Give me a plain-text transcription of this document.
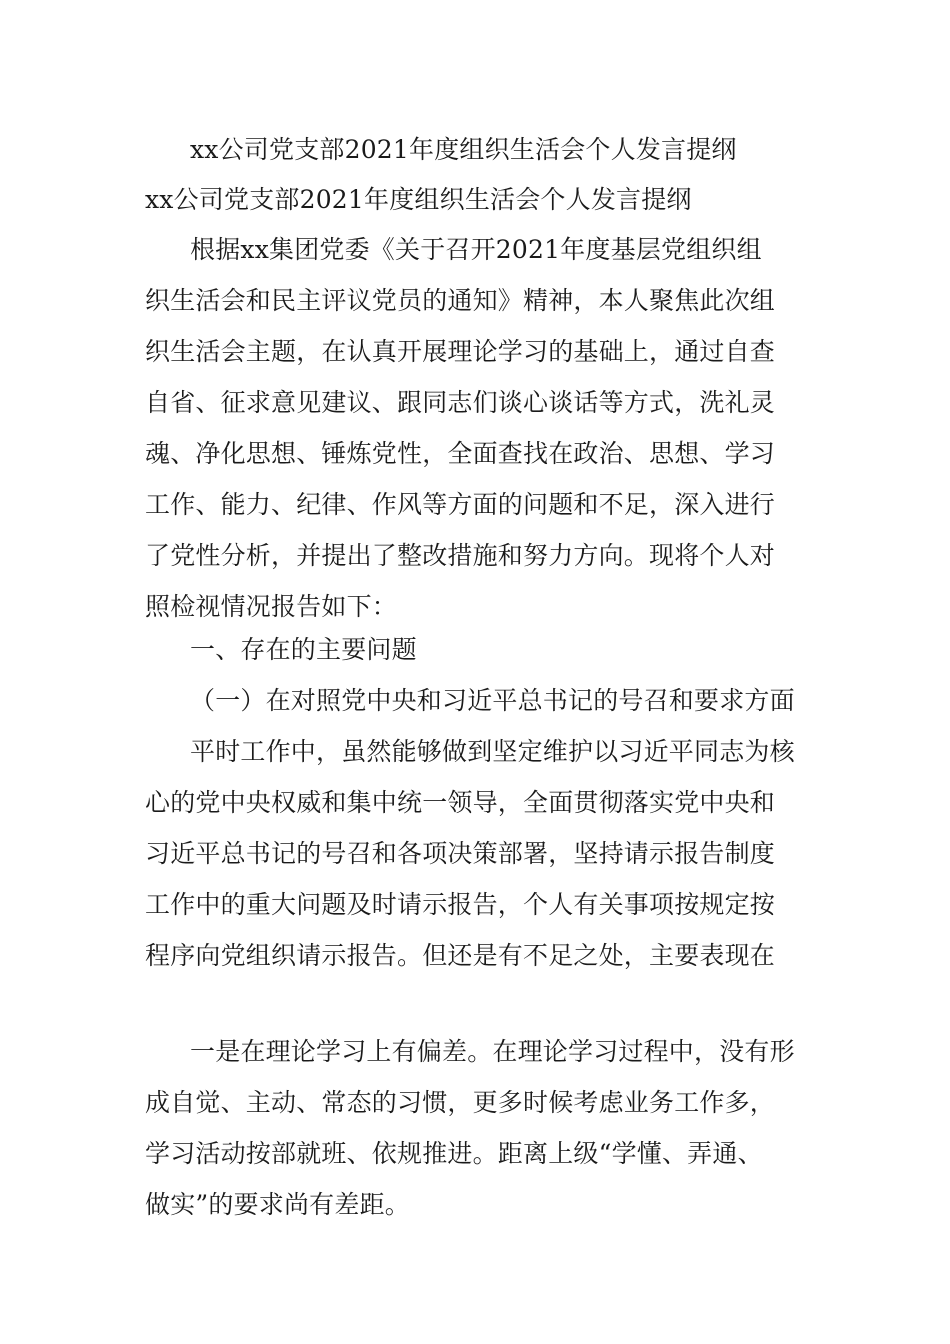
xx公司党支部2021年度组织生活会个人发言提纲
xx公司党支部2021年度组织生活会个人发言提纲
根据xx集团党委《关于召开2021年度基层党组织组
织生活会和民主评议党员的通知》精神，本人聚焦此次组
织生活会主题，在认真开展理论学习的基础上，通过自查
自省、征求意见建议、跟同志们谈心谈话等方式，洗礼灵
魂、净化思想、锤炼党性，全面查找在政治、思想、学习
工作、能力、纪律、作风等方面的问题和不足，深入进行
了党性分析，并提出了整改措施和努力方向。现将个人对
照检视情况报告如下：
一、存在的主要问题
（一）在对照党中央和习近平总书记的号召和要求方面
平时工作中，虽然能够做到坚定维护以习近平同志为核
心的党中央权威和集中统一领导，全面贯彻落实党中央和
习近平总书记的号召和各项决策部署，坚持请示报告制度
工作中的重大问题及时请示报告，个人有关事项按规定按
程序向党组织请示报告。但还是有不足之处，主要表现在
一是在理论学习上有偏差。在理论学习过程中，没有形
成自觉、主动、常态的习惯，更多时候考虑业务工作多，
学习活动按部就班、依规推进。距离上级“学懂、弄通、
做实”的要求尚有差距。
